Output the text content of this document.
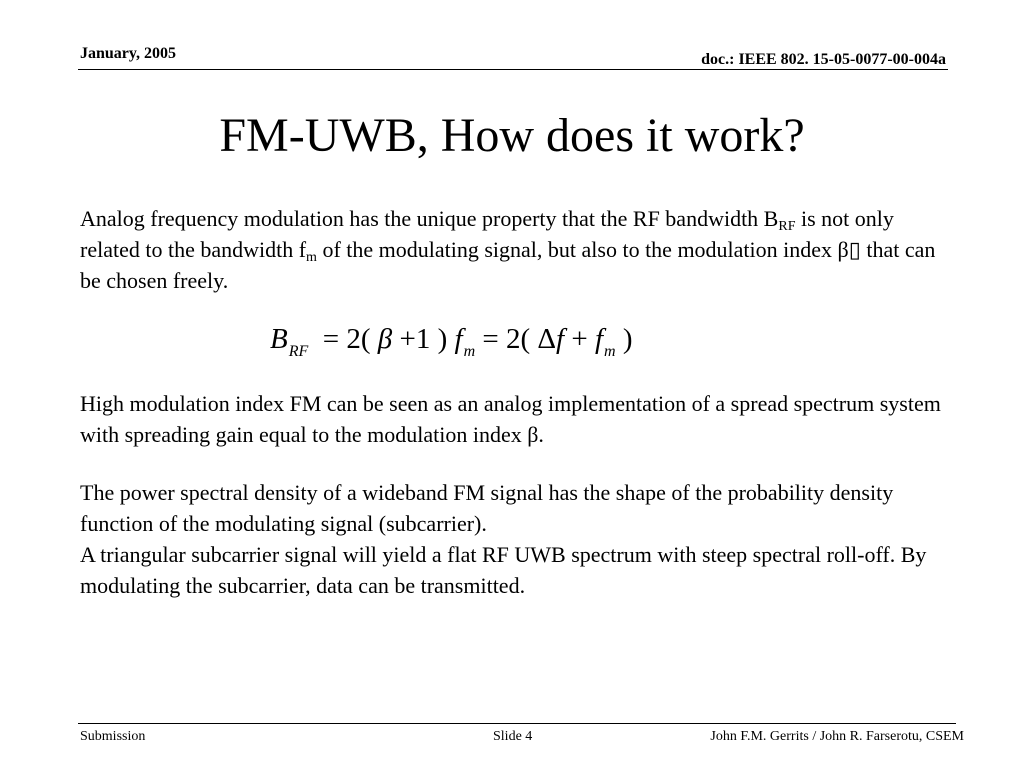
January, 2005	doc.: IEEE 802. 15-05-0077-00-004a
FM-UWB, How does it work?

Analog frequency modulation has the unique property that the RF bandwidth $B_{RF}$ is not only related to the bandwidth $f_m$ of the modulating signal, but also to the modulation index β▯ that can be chosen freely.

$B_{RF} = 2$( β +1 ) $f_m = 2$( $\Delta f + f_m$ )

High modulation index FM can be seen as an analog implementation of a spread spectrum system with spreading gain equal to the modulation index β.

The power spectral density of a wideband FM signal has the shape of the probability density function of the modulating signal (subcarrier).
A triangular subcarrier signal will yield a flat RF UWB spectrum with steep spectral roll-off. By modulating the subcarrier, data can be transmitted.

Submission	Slide 4	John F.M. Gerrits / John R. Farserotu, CSEM
